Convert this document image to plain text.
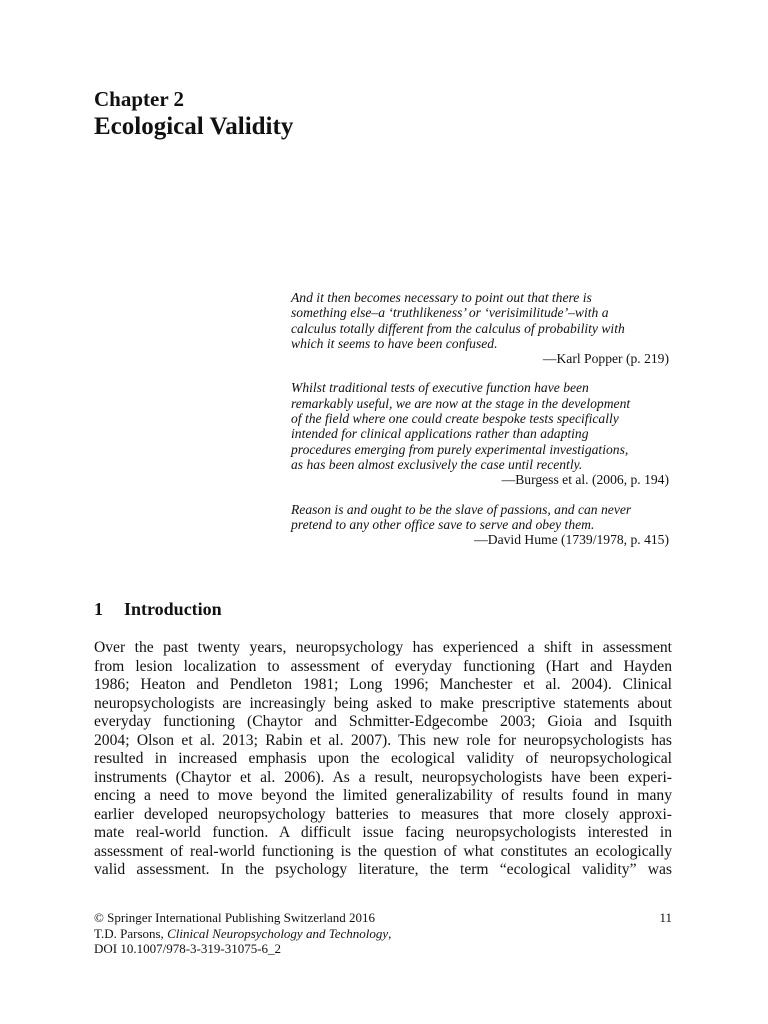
Chapter 2
Ecological Validity
And it then becomes necessary to point out that there is
something else–a ‘truthlikeness’ or ‘verisimilitude’–with a
calculus totally different from the calculus of probability with
which it seems to have been confused.
—Karl Popper (p. 219)
Whilst traditional tests of executive function have been
remarkably useful, we are now at the stage in the development
of the field where one could create bespoke tests specifically
intended for clinical applications rather than adapting
procedures emerging from purely experimental investigations,
as has been almost exclusively the case until recently.
—Burgess et al. (2006, p. 194)
Reason is and ought to be the slave of passions, and can never
pretend to any other office save to serve and obey them.
—David Hume (1739/1978, p. 415)
1 Introduction
Over the past twenty years, neuropsychology has experienced a shift in assessment
from lesion localization to assessment of everyday functioning (Hart and Hayden
1986; Heaton and Pendleton 1981; Long 1996; Manchester et al. 2004). Clinical
neuropsychologists are increasingly being asked to make prescriptive statements about
everyday functioning (Chaytor and Schmitter-Edgecombe 2003; Gioia and Isquith
2004; Olson et al. 2013; Rabin et al. 2007). This new role for neuropsychologists has
resulted in increased emphasis upon the ecological validity of neuropsychological
instruments (Chaytor et al. 2006). As a result, neuropsychologists have been experi-
encing a need to move beyond the limited generalizability of results found in many
earlier developed neuropsychology batteries to measures that more closely approxi-
mate real-world function. A difficult issue facing neuropsychologists interested in
assessment of real-world functioning is the question of what constitutes an ecologically
valid assessment. In the psychology literature, the term “ecological validity” was
© Springer International Publishing Switzerland 2016
T.D. Parsons, Clinical Neuropsychology and Technology,
DOI 10.1007/978-3-319-31075-6_2
11
